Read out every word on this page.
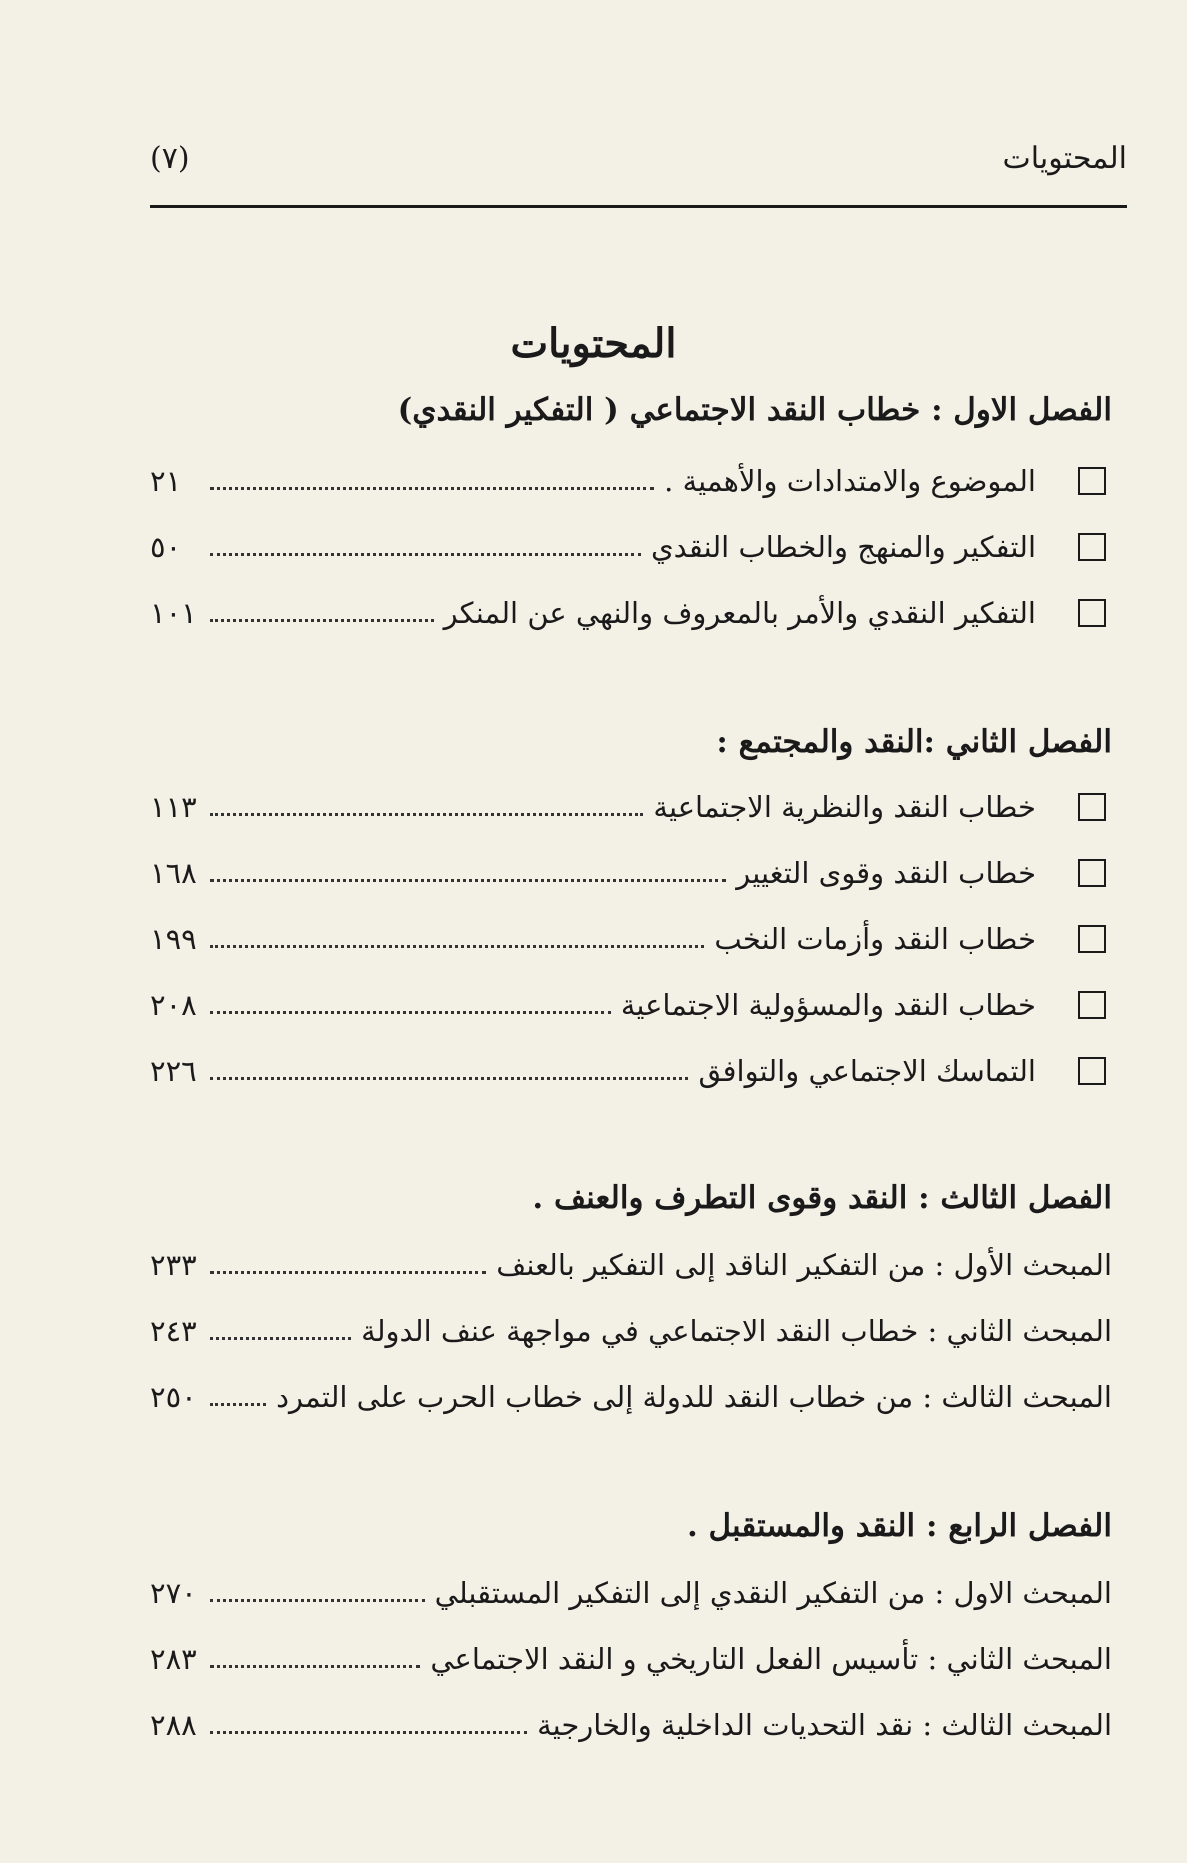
المحتويات
(٧)
المحتويات
الفصل الاول : خطاب النقد الاجتماعي ( التفكير النقدي)
الموضوع والامتدادات والأهمية .
٢١
التفكير والمنهج والخطاب النقدي
٥٠
التفكير النقدي والأمر بالمعروف والنهي عن المنكر
١٠١
الفصل الثاني :النقد والمجتمع :
خطاب النقد والنظرية الاجتماعية
١١٣
خطاب النقد وقوى التغيير
١٦٨
خطاب النقد وأزمات النخب
١٩٩
خطاب النقد والمسؤولية الاجتماعية
٢٠٨
التماسك الاجتماعي والتوافق
٢٢٦
الفصل الثالث : النقد وقوى التطرف والعنف .
المبحث الأول : من التفكير الناقد إلى التفكير بالعنف
٢٣٣
المبحث الثاني : خطاب النقد الاجتماعي في مواجهة عنف الدولة
٢٤٣
المبحث الثالث : من خطاب النقد للدولة إلى خطاب الحرب على التمرد
٢٥٠
الفصل الرابع : النقد والمستقبل .
المبحث الاول : من التفكير النقدي إلى التفكير المستقبلي
٢٧٠
المبحث الثاني : تأسيس الفعل التاريخي و النقد الاجتماعي
٢٨٣
المبحث الثالث : نقد التحديات الداخلية والخارجية
٢٨٨
